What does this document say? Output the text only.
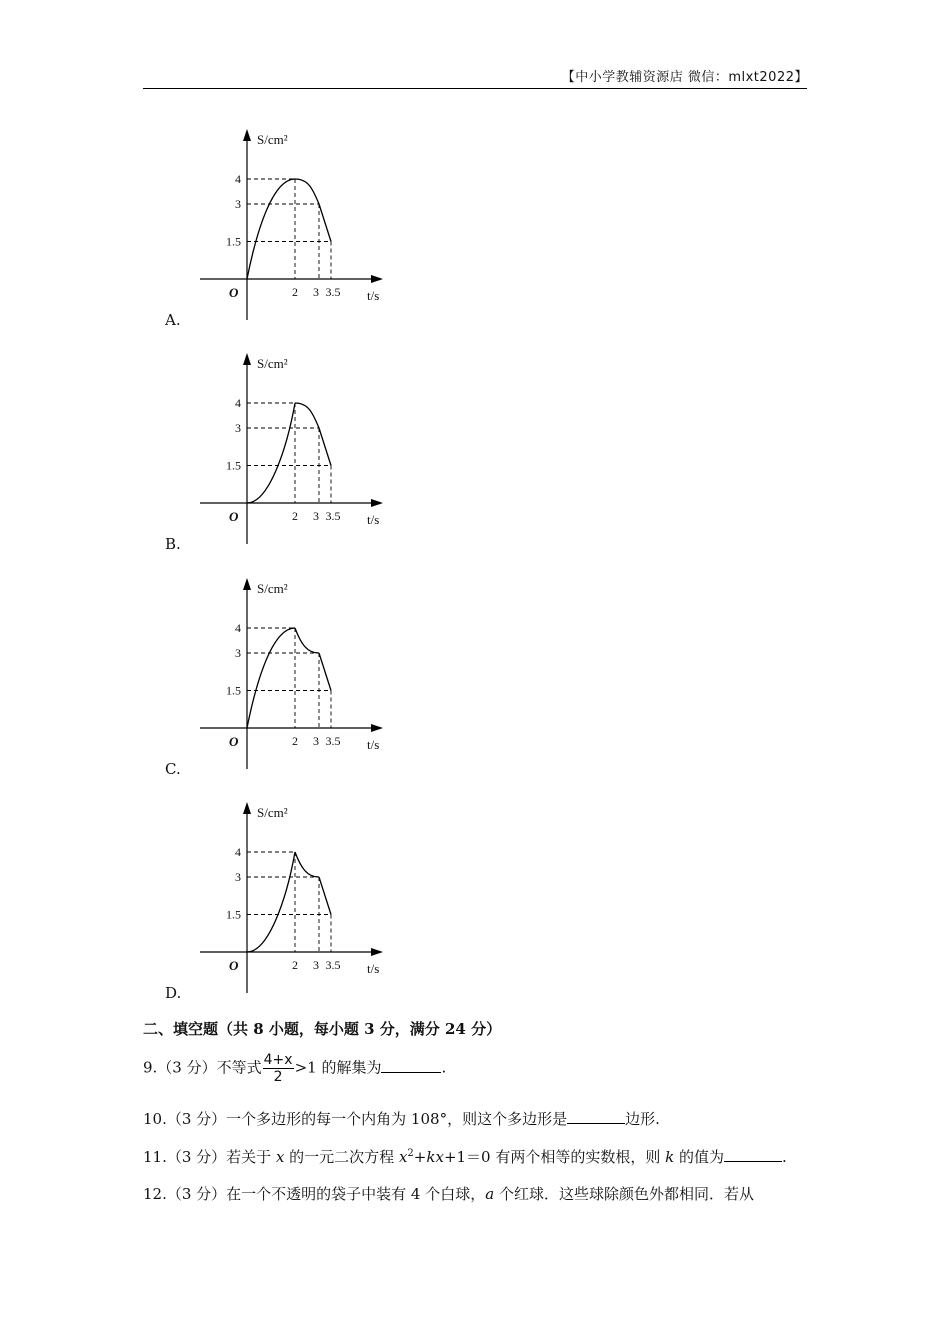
【中小学教辅资源店 微信：mlxt2022】
S/cm²
t/s
O
4
3
1.5
2 3 3.5
A.
S/cm²
t/s
O
4
3
1.5
2 3 3.5
B.
S/cm²
t/s
O
4
3
1.5
2 3 3.5
C.
S/cm²
t/s
O
4
3
1.5
2 3 3.5
D.
二、填空题（共 8 小题，每小题 3 分，满分 24 分）
9.（3 分）不等式 $\frac{4+x}{2} >1$ 的解集为	.
10.（3 分）一个多边形的每一个内角为 108°，则这个多边形是	边形.
11.（3 分）若关于 x 的一元二次方程 $x^2+kx+1=0$ 有两个相等的实数根，则 k 的值为	.
12.（3 分）在一个不透明的袋子中装有 4 个白球，a 个红球．这些球除颜色外都相同．若从
